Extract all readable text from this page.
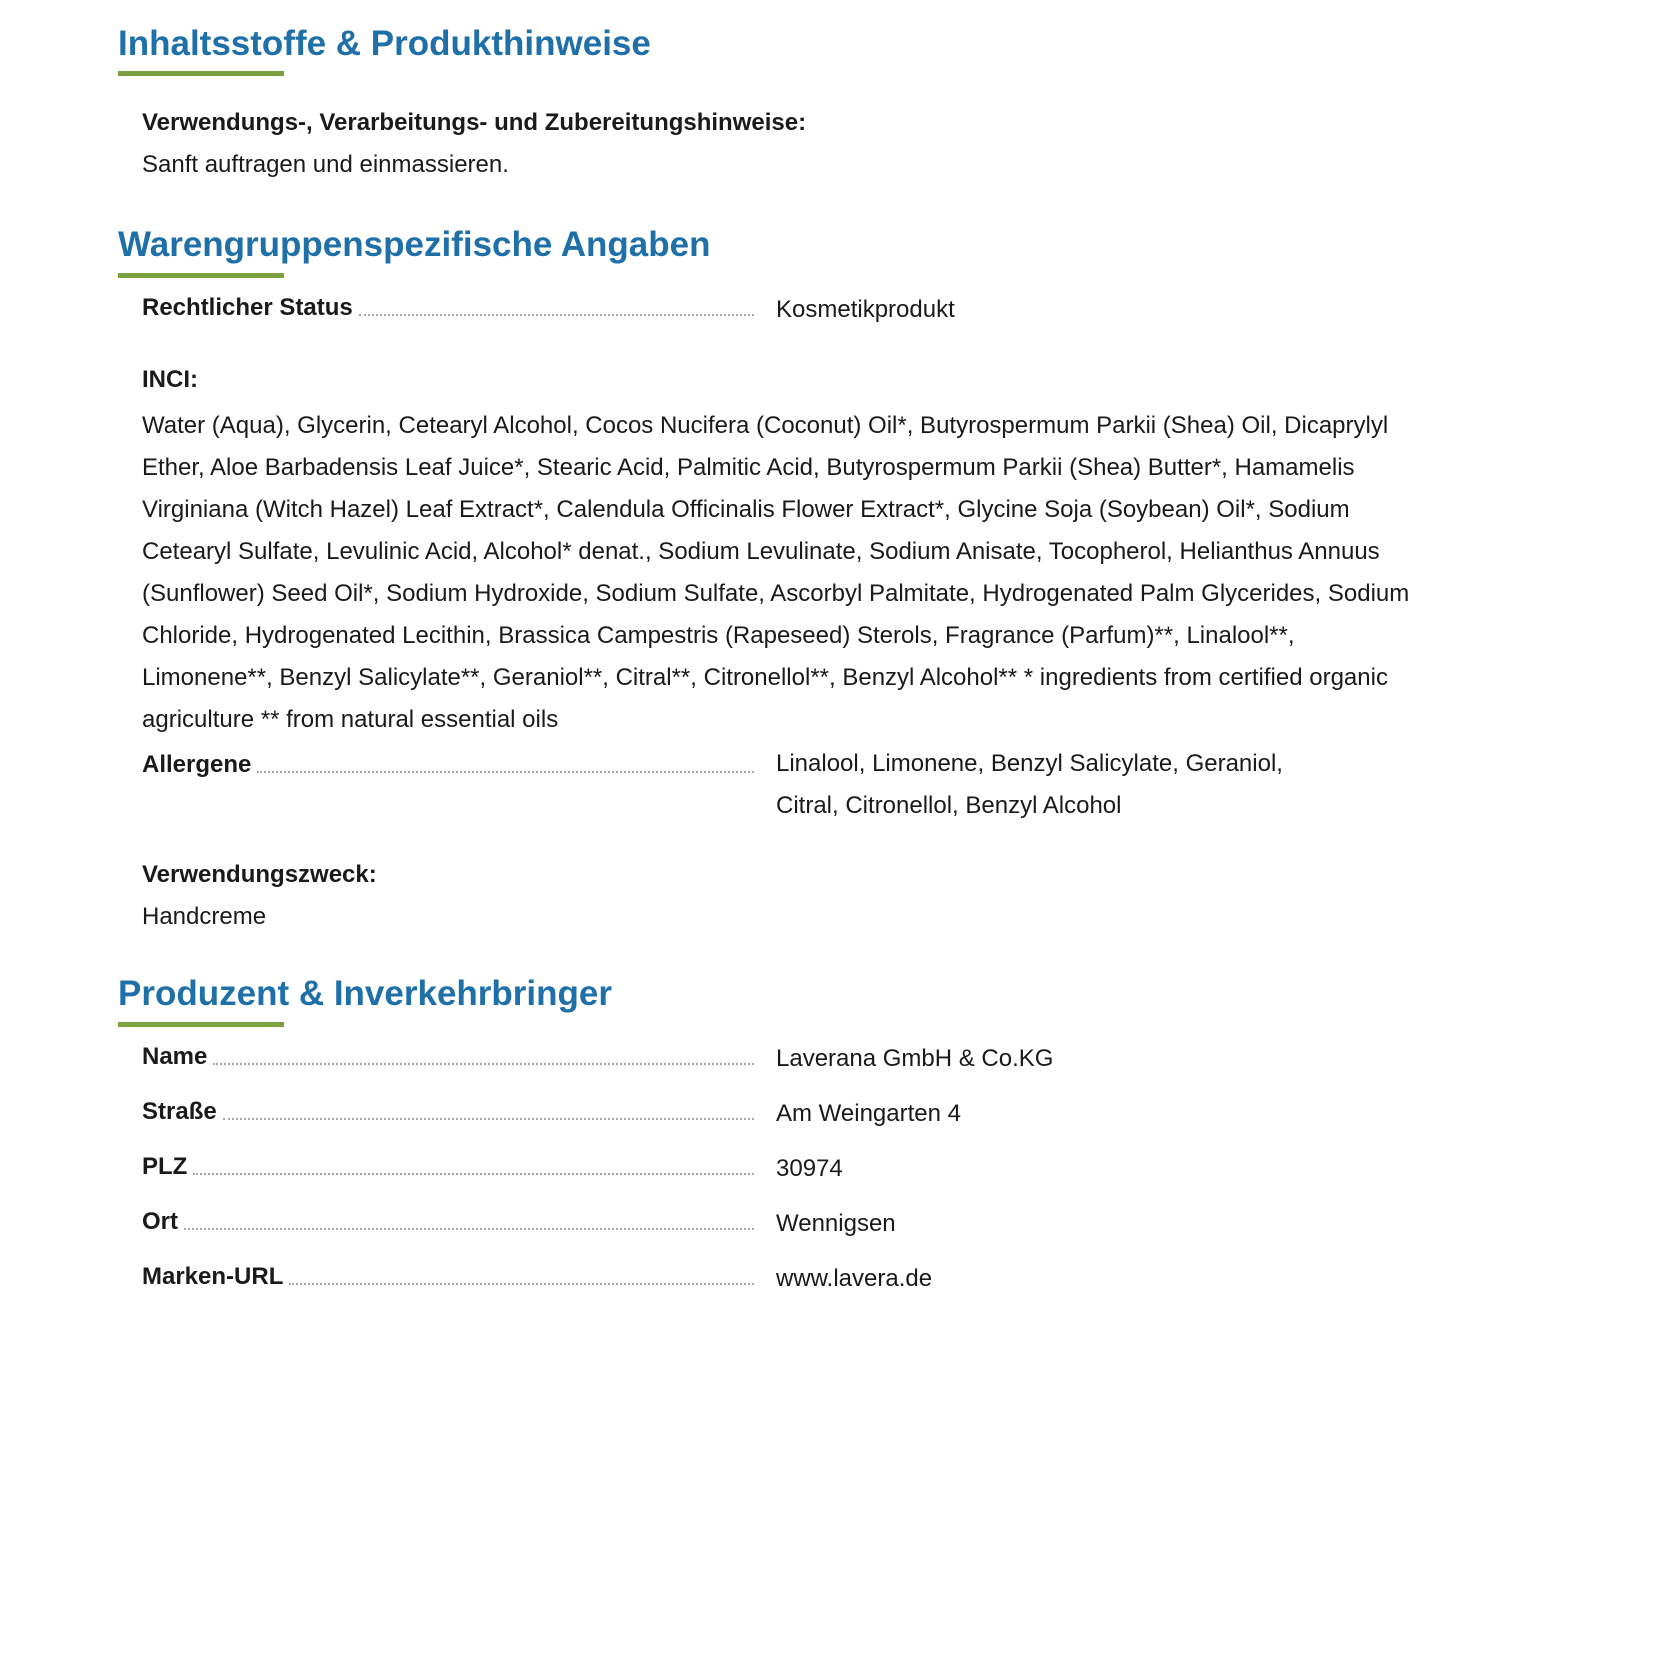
Inhaltsstoffe & Produkthinweise
Verwendungs-, Verarbeitungs- und Zubereitungshinweise:
Sanft auftragen und einmassieren.
Warengruppenspezifische Angaben
Rechtlicher Status	Kosmetikprodukt
INCI:
Water (Aqua), Glycerin, Cetearyl Alcohol, Cocos Nucifera (Coconut) Oil*, Butyrospermum Parkii (Shea) Oil, Dicaprylyl Ether, Aloe Barbadensis Leaf Juice*, Stearic Acid, Palmitic Acid, Butyrospermum Parkii (Shea) Butter*, Hamamelis Virginiana (Witch Hazel) Leaf Extract*, Calendula Officinalis Flower Extract*, Glycine Soja (Soybean) Oil*, Sodium Cetearyl Sulfate, Levulinic Acid, Alcohol* denat., Sodium Levulinate, Sodium Anisate, Tocopherol, Helianthus Annuus (Sunflower) Seed Oil*, Sodium Hydroxide, Sodium Sulfate, Ascorbyl Palmitate, Hydrogenated Palm Glycerides, Sodium Chloride, Hydrogenated Lecithin, Brassica Campestris (Rapeseed) Sterols, Fragrance (Parfum)**, Linalool**, Limonene**, Benzyl Salicylate**, Geraniol**, Citral**, Citronellol**, Benzyl Alcohol** * ingredients from certified organic agriculture ** from natural essential oils
Allergene	Linalool, Limonene, Benzyl Salicylate, Geraniol, Citral, Citronellol, Benzyl Alcohol
Verwendungszweck:
Handcreme
Produzent & Inverkehrbringer
Name	Laverana GmbH & Co.KG
Straße	Am Weingarten 4
PLZ	30974
Ort	Wennigsen
Marken-URL	www.lavera.de
